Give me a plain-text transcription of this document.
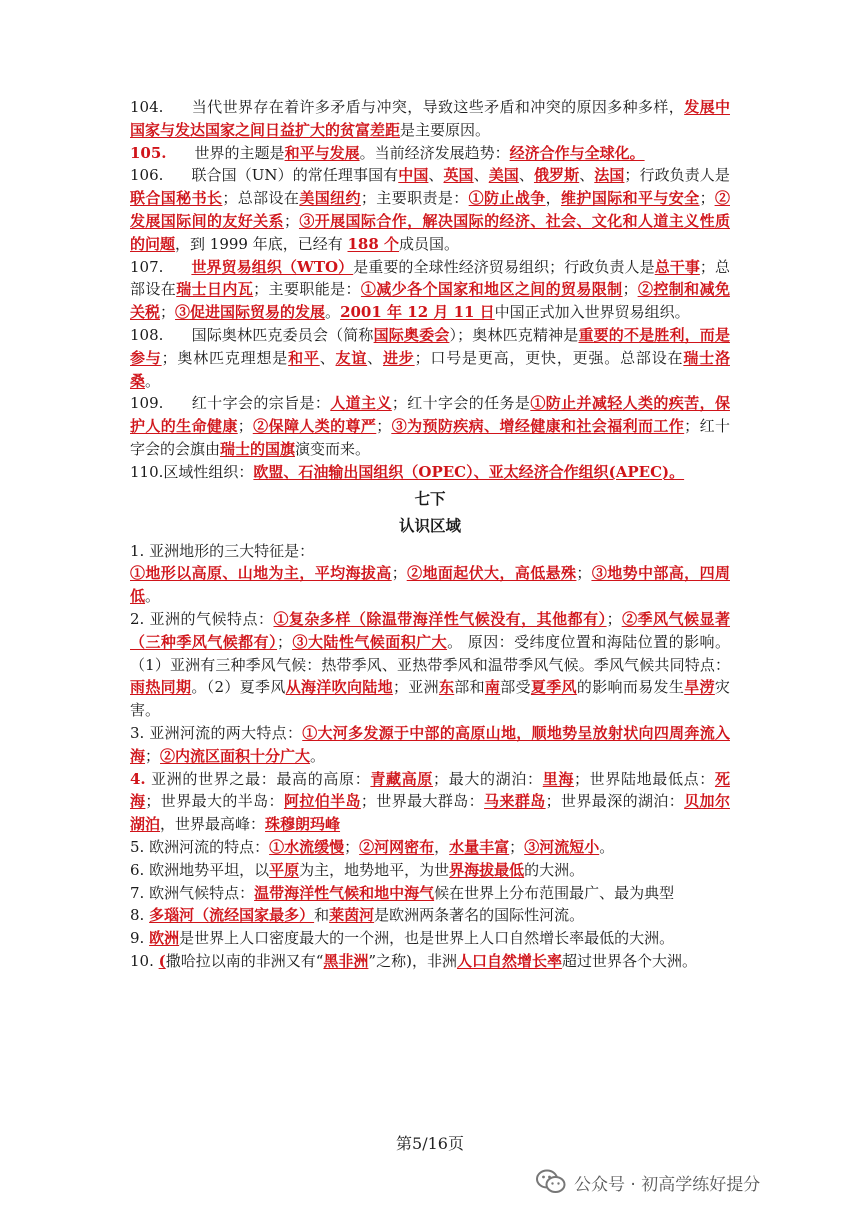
104. 当代世界存在着许多矛盾与冲突，导致这些矛盾和冲突的原因多种多样，发展中国家与发达国家之间日益扩大的贫富差距是主要原因。

105. 世界的主题是和平与发展。当前经济发展趋势：经济合作与全球化。

106. 联合国（UN）的常任理事国有中国、英国、美国、俄罗斯、法国；行政负责人是联合国秘书长；总部设在美国纽约；主要职责是：①防止战争，维护国际和平与安全；②发展国际间的友好关系；③开展国际合作，解决国际的经济、社会、文化和人道主义性质的问题，到 1999 年底，已经有 188 个成员国。

107. 世界贸易组织（WTO）是重要的全球性经济贸易组织；行政负责人是总干事；总部设在瑞士日内瓦；主要职能是：①减少各个国家和地区之间的贸易限制；②控制和减免关税；③促进国际贸易的发展。2001 年 12 月 11 日中国正式加入世界贸易组织。

108. 国际奥林匹克委员会（简称国际奥委会）；奥林匹克精神是重要的不是胜利，而是参与；奥林匹克理想是和平、友谊、进步；口号是更高，更快，更强。总部设在瑞士洛桑。

109. 红十字会的宗旨是：人道主义；红十字会的任务是①防止并减轻人类的疾苦，保护人的生命健康；②保障人类的尊严；③为预防疾病、增经健康和社会福利而工作；红十字会的会旗由瑞士的国旗演变而来。

110.区域性组织：欧盟、石油输出国组织（OPEC）、亚太经济合作组织(APEC)。

七下
认识区域

1. 亚洲地形的三大特征是：

①地形以高原、山地为主，平均海拔高；②地面起伏大，高低悬殊；③地势中部高，四周低。

2. 亚洲的气候特点：①复杂多样（除温带海洋性气候没有，其他都有）；②季风气候显著（三种季风气候都有）；③大陆性气候面积广大。 原因：受纬度位置和海陆位置的影响。（1）亚洲有三种季风气候：热带季风、亚热带季风和温带季风气候。季风气候共同特点：雨热同期。（2）夏季风从海洋吹向陆地；亚洲东部和南部受夏季风的影响而易发生旱涝灾害。

3. 亚洲河流的两大特点：①大河多发源于中部的高原山地，顺地势呈放射状向四周奔流入海；②内流区面积十分广大。

4. 亚洲的世界之最：最高的高原：青藏高原；最大的湖泊：里海；世界陆地最低点：死海；世界最大的半岛：阿拉伯半岛；世界最大群岛：马来群岛；世界最深的湖泊：贝加尔湖泊，世界最高峰：珠穆朗玛峰

5. 欧洲河流的特点：①水流缓慢；②河网密布，水量丰富；③河流短小。

6. 欧洲地势平坦，以平原为主，地势地平，为世界海拔最低的大洲。

7. 欧洲气候特点：温带海洋性气候和地中海气候在世界上分布范围最广、最为典型

8. 多瑙河（流经国家最多）和莱茵河是欧洲两条著名的国际性河流。

9. 欧洲是世界上人口密度最大的一个洲，也是世界上人口自然增长率最低的大洲。

10. (撒哈拉以南的非洲又有“黑非洲”之称)，非洲人口自然增长率超过世界各个大洲。

第5/16页
公众号 · 初高学练好提分
